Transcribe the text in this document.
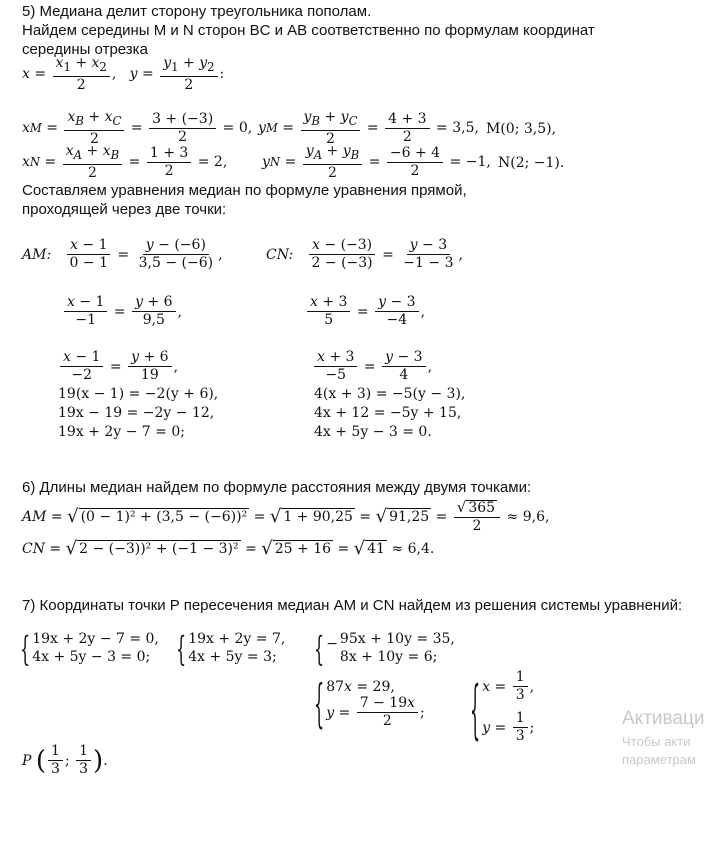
5) Медиана делит сторону треугольника пополам.
Найдем середины M и N сторон BC и AB соответственно по формулам координат
середины отрезка
$x = \frac{x_1 + x_2}{2}$ , $y = \frac{y_1 + y_2}{2}$ :
x $M = \frac{x_B + x_C}{2} = \frac{3 + (-3)}{2} = 0$, y $M = \frac{y_B + y_C}{2} = \frac{4 + 3}{2} = 3,5$, M(0; 3,5),
x $N = \frac{x_A + x_B}{2} = \frac{1 + 3}{2} = 2$, y $N = \frac{y_A + y_B}{2} = \frac{-6 + 4}{2} = -1$, N(2; −1).
Составляем уравнения медиан по формуле уравнения прямой,
проходящей через две точки:
AM:
$\frac{x - 1}{0 - 1} = \frac{y - (-6)}{3,5 - (-6)}$ ,
$\frac{x - 1}{-1} = \frac{y + 6}{9,5}$ ,
$\frac{x - 1}{-2} = \frac{y + 6}{19}$ ,
19(x − 1) = −2(y + 6),
19x − 19 = −2y − 12,
19x + 2y − 7 = 0;
CN:
$\frac{x - (-3)}{2 - (-3)} = \frac{y - 3}{-1 - 3}$ ,
$\frac{x + 3}{5} = \frac{y - 3}{-4}$ ,
$\frac{x + 3}{-5} = \frac{y - 3}{4}$ ,
4(x + 3) = −5(y − 3),
4x + 12 = −5y + 15,
4x + 5y − 3 = 0.
6) Длины медиан найдем по формуле расстояния между двумя точками:
AM = √ (0 − 1)² + (3,5 − (−6))² = √ 1 + 90,25 = √ $91,25 = \frac{√ 365}{2} \approx 9,6$,
CN = √ 2 − (−3))² + (−1 − 3)² = √ 25 + 16 = √ 41 ≈ 6,4.
7) Координаты точки P пересечения медиан AM и CN найдем из решения системы уравнений:
{ 19x + 2y − 7 = 0,
4x + 5y − 3 = 0;	{ 19x + 2y = 7,
4x + 5y = 3;	{ − 95x + 10y = 35,
8x + 10y = 6;
{ 87 x = 29,
$y = \frac{7 - 19x}{2}$ ;	{ $x = \frac{1}{3}$ ,
$y = \frac{1}{3}$ ;
P
( $\frac{1}{3}$ ; $\frac{1}{3}$ ) .
Активаци
Чтобы акти
параметрам
